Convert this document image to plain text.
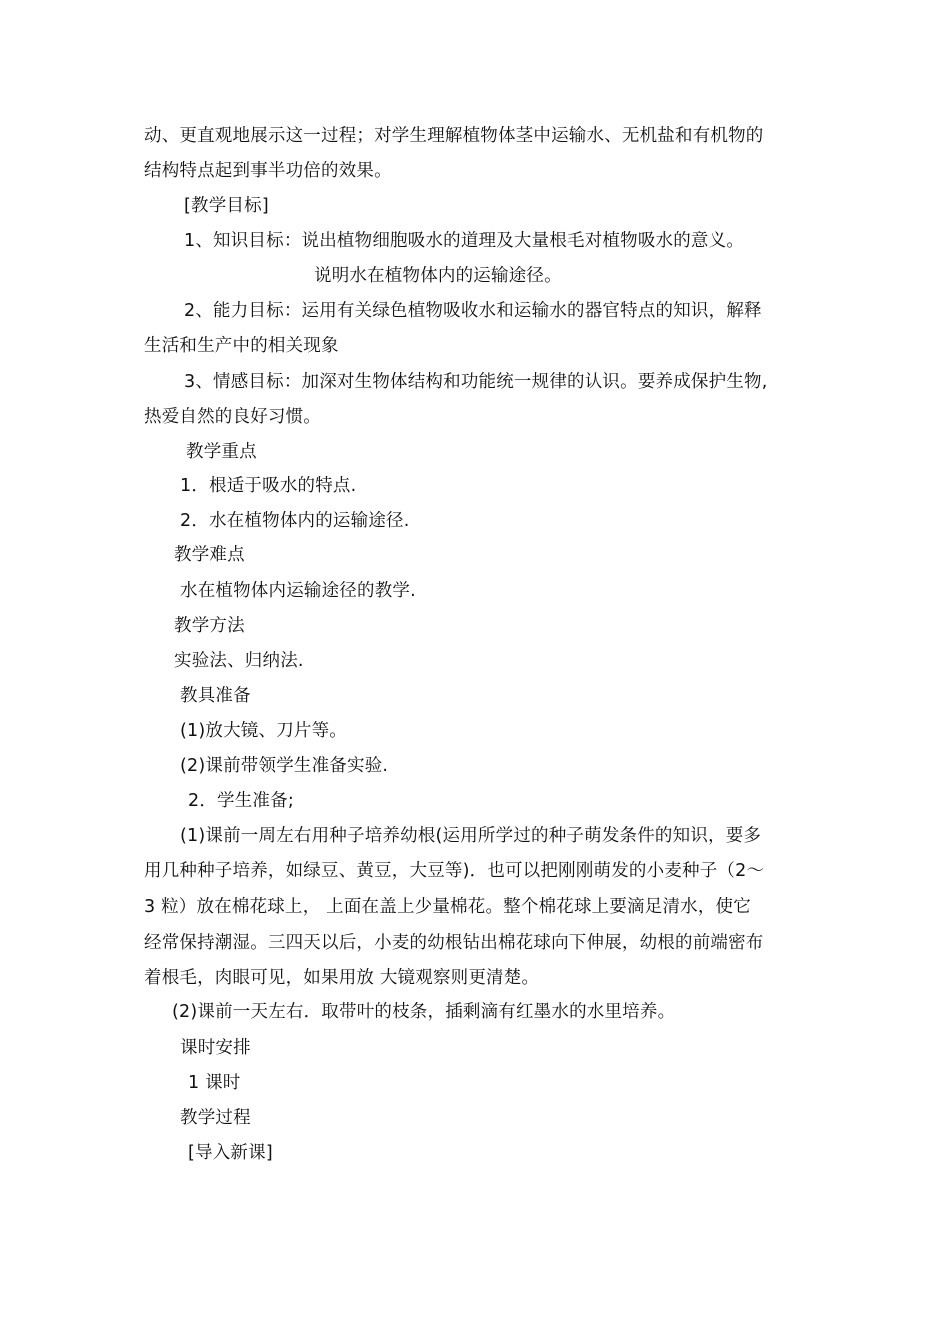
动、更直观地展示这一过程；对学生理解植物体茎中运输水、无机盐和有机物的
结构特点起到事半功倍的效果。
[教学目标]
1、知识目标：说出植物细胞吸水的道理及大量根毛对植物吸水的意义。
说明水在植物体内的运输途径。
2、能力目标：运用有关绿色植物吸收水和运输水的器官特点的知识，解释
生活和生产中的相关现象
3、情感目标：加深对生物体结构和功能统一规律的认识。要养成保护生物,
热爱自然的良好习惯。
教学重点
1．根适于吸水的特点.
2．水在植物体内的运输途径.
教学难点
水在植物体内运输途径的教学.
教学方法
实验法、归纳法.
教具准备
(1)放大镜、刀片等。
(2)课前带领学生准备实验.
2．学生准备;
(1)课前一周左右用种子培养幼根(运用所学过的种子萌发条件的知识，要多
用几种种子培养，如绿豆、黄豆，大豆等)．也可以把刚刚萌发的小麦种子（2～
3 粒）放在棉花球上， 上面在盖上少量棉花。整个棉花球上要滴足清水，使它
经常保持潮湿。三四天以后，小麦的幼根钻出棉花球向下伸展，幼根的前端密布
着根毛，肉眼可见，如果用放 大镜观察则更清楚。
(2)课前一天左右．取带叶的枝条，插剩滴有红墨水的水里培养。
课时安排
1 课时
教学过程
[导入新课]
